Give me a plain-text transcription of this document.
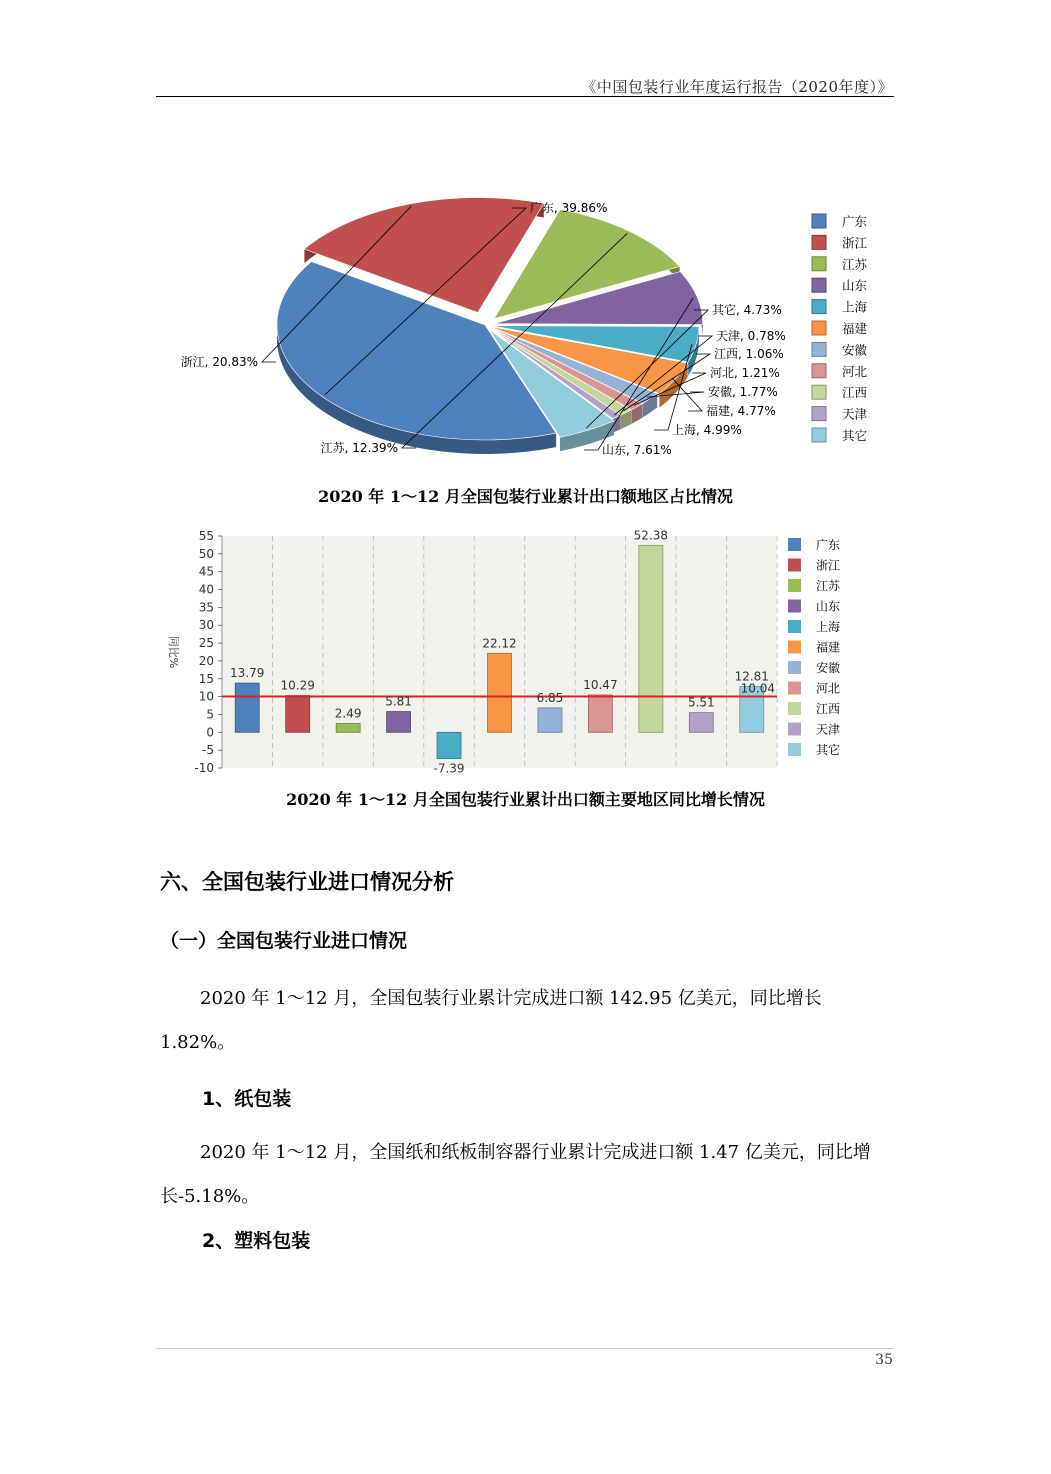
《中国包装行业年度运行报告（2020年度）》
广东, 39.86%
浙江, 20.83%
江苏, 12.39%	山东, 7.61%
上海, 4.99%
福建, 4.77%
安徽, 1.77%
河北, 1.21%
江西, 1.06%
天津, 0.78%
其它, 4.73%
广东
浙江
江苏
山东
上海
福建
安徽
河北
江西
天津
其它
2020 年 1～12 月全国包装行业累计出口额地区占比情况
55
50
45
40
35
30
25
20
15
10
5
0
-5
-10
同比%
10.04
13.79
10.29
2.49
5.81
-7.39
22.12
6.85
10.47
52.38
5.51
12.81
广东
浙江
江苏
山东
上海
福建
安徽
河北
江西
天津
其它
2020 年 1～12 月全国包装行业累计出口额主要地区同比增长情况
六、全国包装行业进口情况分析
（一）全国包装行业进口情况
2020 年 1～12 月，全国包装行业累计完成进口额 142.95 亿美元，同比增长 1.82%。
1、纸包装
2020 年 1～12 月，全国纸和纸板制容器行业累计完成进口额 1.47 亿美元，同比增长-5.18%。
2、塑料包装
35
